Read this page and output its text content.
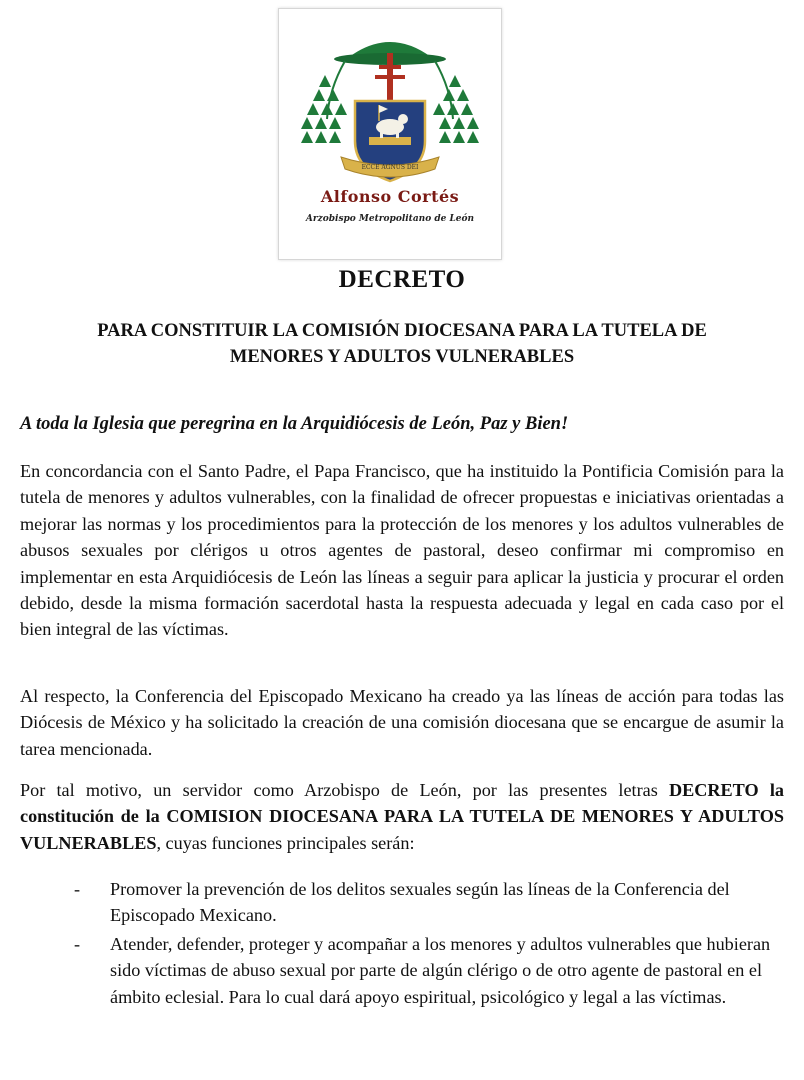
ECCE AGNUS DEI
Alfonso Cortés
Arzobispo Metropolitano de León
DECRETO
PARA CONSTITUIR LA COMISIÓN DIOCESANA PARA LA TUTELA DE MENORES Y ADULTOS VULNERABLES
A toda la Iglesia que peregrina en la Arquidiócesis de León, Paz y Bien!
En concordancia con el Santo Padre, el Papa Francisco, que ha instituido la Pontificia Comisión para la tutela de menores y adultos vulnerables, con la finalidad de ofrecer propuestas e iniciativas orientadas a mejorar las normas y los procedimientos para la protección de los menores y los adultos vulnerables de abusos sexuales por clérigos u otros agentes de pastoral, deseo confirmar mi compromiso en implementar en esta Arquidiócesis de León las líneas a seguir para aplicar la justicia y procurar el orden debido, desde la misma formación sacerdotal hasta la respuesta adecuada y legal en cada caso por el bien integral de las víctimas.
Al respecto, la Conferencia del Episcopado Mexicano ha creado ya las líneas de acción para todas las Diócesis de México y ha solicitado la creación de una comisión diocesana que se encargue de asumir la tarea mencionada.
Por tal motivo, un servidor como Arzobispo de León, por las presentes letras DECRETO la constitución de la COMISION DIOCESANA PARA LA TUTELA DE MENORES Y ADULTOS VULNERABLES, cuyas funciones principales serán:
- Promover la prevención de los delitos sexuales según las líneas de la Conferencia del Episcopado Mexicano.
- Atender, defender, proteger y acompañar a los menores y adultos vulnerables que hubieran sido víctimas de abuso sexual por parte de algún clérigo o de otro agente de pastoral en el ámbito eclesial. Para lo cual dará apoyo espiritual, psicológico y legal a las víctimas.
